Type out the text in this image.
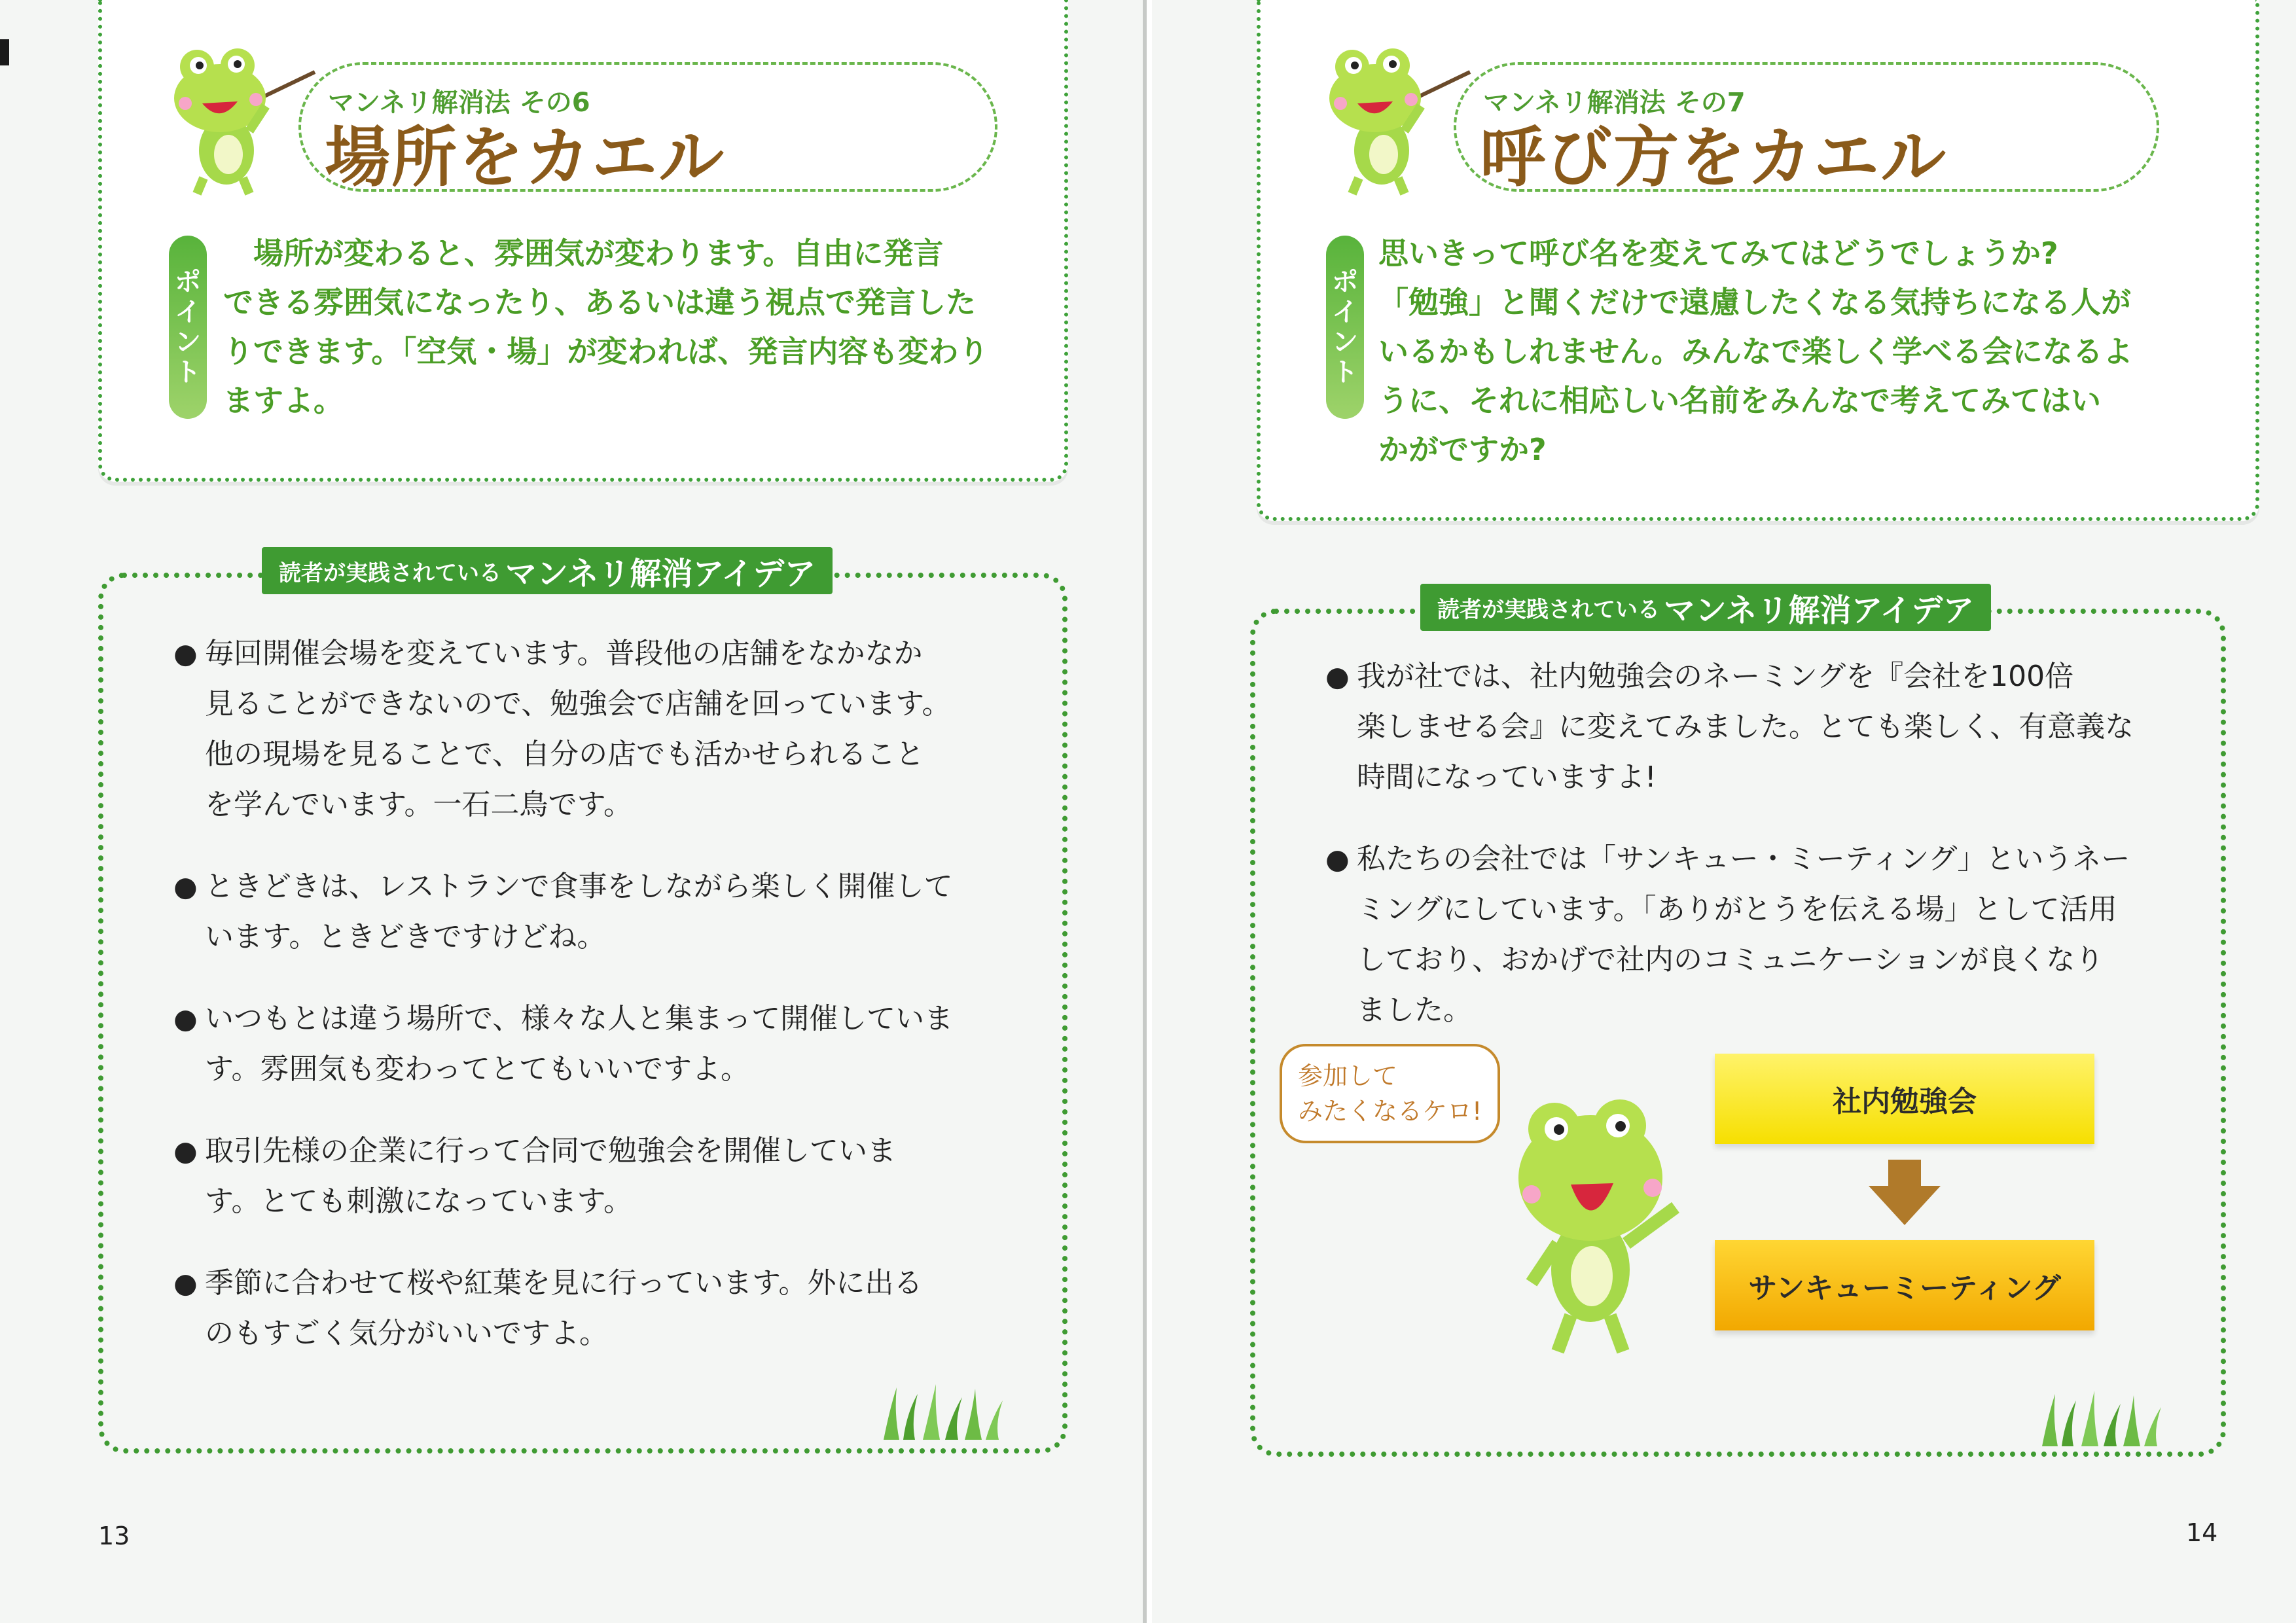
マンネリ解消法 その6
場所をカエル
ポ
イ
ン
ト
　場所が変わると、雰囲気が変わります。自由に発言
できる雰囲気になったり、あるいは違う視点で発言した
りできます。「空気・場」が変われば、発言内容も変わり
ますよ。
読者が実践されている マンネリ解消アイデア
● 毎回開催会場を変えています。普段他の店舗をなかなか
見ることができないので、勉強会で店舗を回っています。
他の現場を見ることで、自分の店でも活かせられること
を学んでいます。一石二鳥です。
● ときどきは、レストランで食事をしながら楽しく開催して
います。ときどきですけどね。
● いつもとは違う場所で、様々な人と集まって開催していま
す。雰囲気も変わってとてもいいですよ。
● 取引先様の企業に行って合同で勉強会を開催していま
す。とても刺激になっています。
● 季節に合わせて桜や紅葉を見に行っています。外に出る
のもすごく気分がいいですよ。
13
マンネリ解消法 その7
呼び方をカエル
ポ
イ
ン
ト
思いきって呼び名を変えてみてはどうでしょうか?
「勉強」と聞くだけで遠慮したくなる気持ちになる人が
いるかもしれません。みんなで楽しく学べる会になるよ
うに、それに相応しい名前をみんなで考えてみてはい
かがですか?
読者が実践されている マンネリ解消アイデア
● 我が社では、社内勉強会のネーミングを『会社を100倍
楽しませる会』に変えてみました。とても楽しく、有意義な
時間になっていますよ!
● 私たちの会社では「サンキュー・ミーティング」というネー
ミングにしています。「ありがとうを伝える場」として活用
しており、おかげで社内のコミュニケーションが良くなり
ました。
参加して
みたくなるケロ!	社内勉強会
サンキューミーティング
14
